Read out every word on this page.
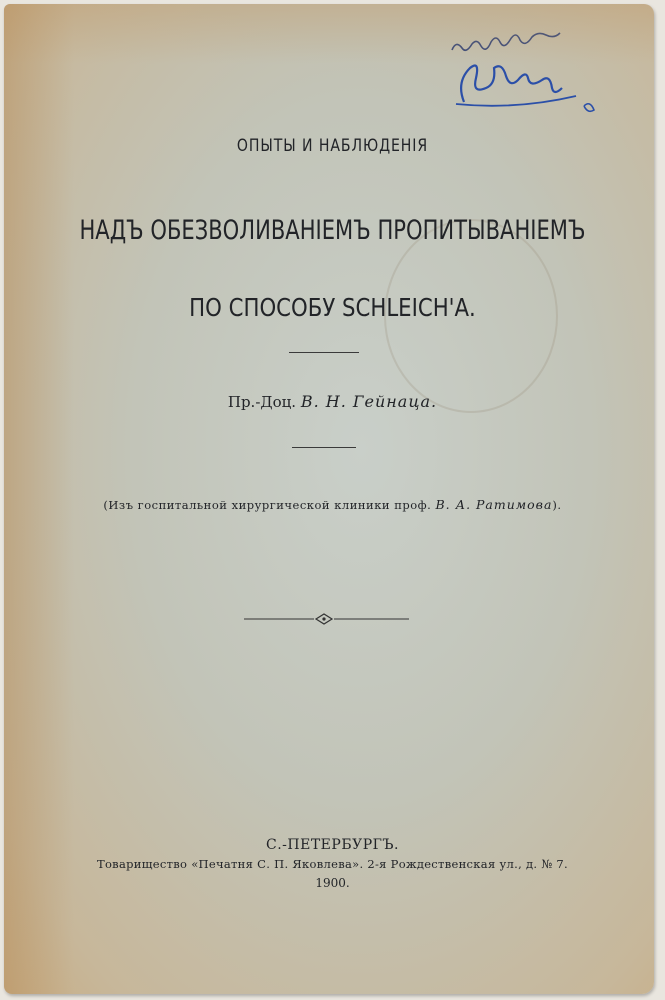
ОПЫТЫ И НАБЛЮДЕНІЯ
НАДЪ ОБЕЗВОЛИВАНІЕМЪ ПРОПИТЫВАНІЕМЪ
ПО СПОСОБУ SCHLEICH'А.
Пр.-Доц. В. Н. Гейнаца.
(Изъ госпитальной хирургической клиники проф. В. А. Ратимова).
С.-ПЕТЕРБУРГЪ.
Товарищество «Печатня С. П. Яковлева». 2-я Рождественская ул., д. № 7.
1900.
